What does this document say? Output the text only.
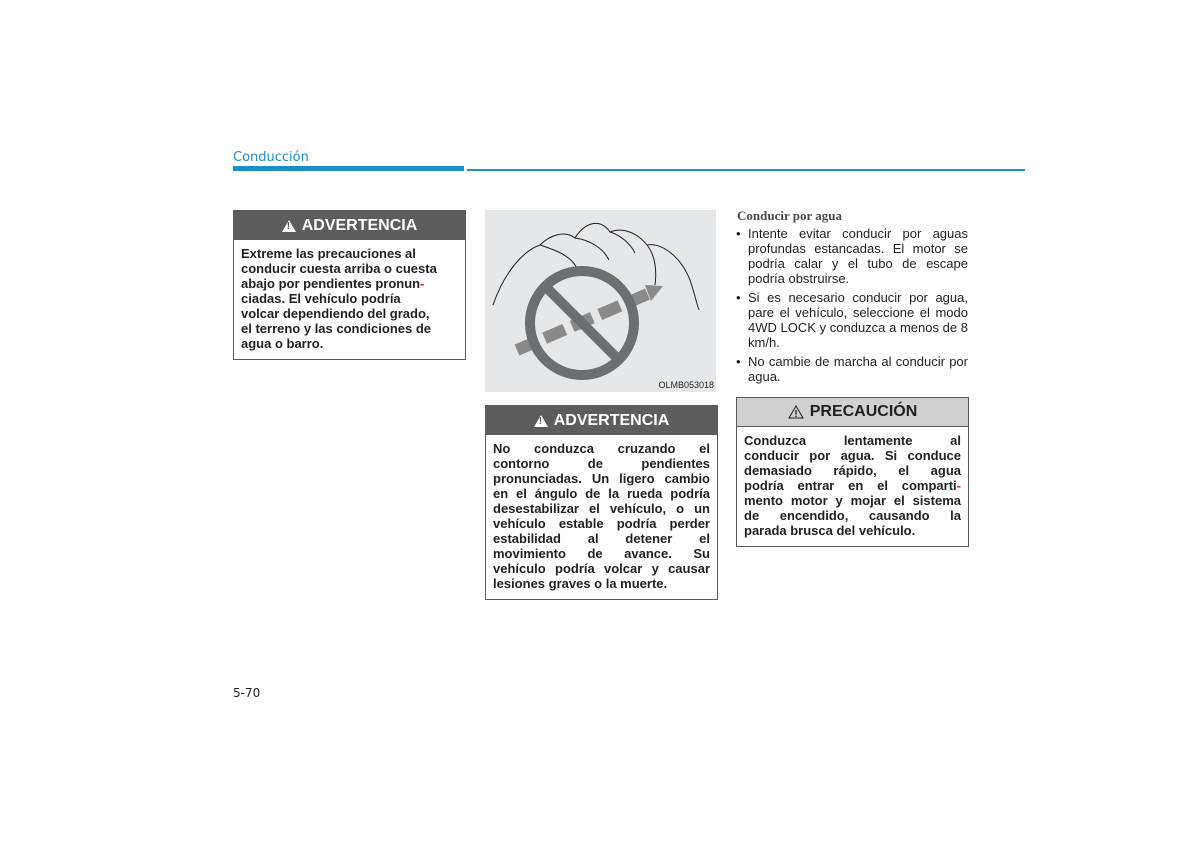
Conducción
! ADVERTENCIA
Extreme las precauciones al
conducir cuesta arriba o cuesta
abajo por pendientes pronun-
ciadas. El vehículo podría
volcar dependiendo del grado,
el terreno y las condiciones de
agua o barro.
OLMB053018
! ADVERTENCIA
No conduzca cruzando el
contorno de pendientes
pronunciadas. Un ligero cambio
en el ángulo de la rueda podría
desestabilizar el vehículo, o un
vehículo estable podría perder
estabilidad al detener el
movimiento de avance. Su
vehículo podría volcar y causar
lesiones graves o la muerte.
Conducir por agua
• Intente evitar conducir por aguas profundas estancadas. El motor se podría calar y el tubo de escape podría obstruirse.
• Si es necesario conducir por agua, pare el vehículo, seleccione el modo 4WD LOCK y conduzca a menos de 8 km/h.
• No cambie de marcha al conducir por agua.
PRECAUCIÓN
Conduzca lentamente al
conducir por agua. Si conduce
demasiado rápido, el agua
podría entrar en el comparti-
mento motor y mojar el sistema
de encendido, causando la
parada brusca del vehículo.
5-70
